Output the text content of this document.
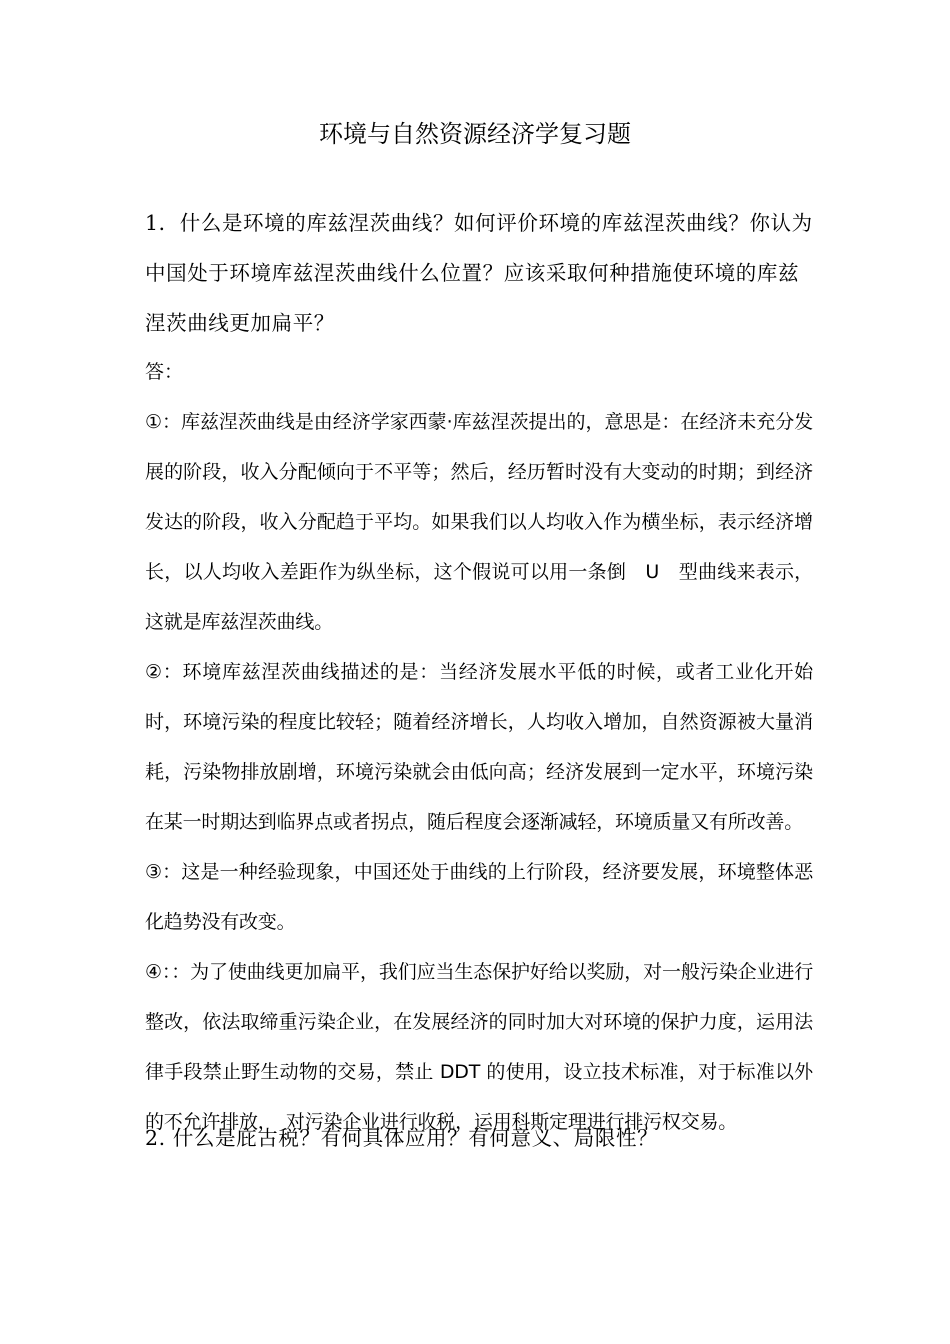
环境与自然资源经济学复习题

1．什么是环境的库兹涅茨曲线？如何评价环境的库兹涅茨曲线？你认为中国处于环境库兹涅茨曲线什么位置？应该采取何种措施使环境的库兹涅茨曲线更加扁平？

答：

①：库兹涅茨曲线是由经济学家西蒙·库兹涅茨提出的，意思是：在经济未充分发展的阶段，收入分配倾向于不平等；然后，经历暂时没有大变动的时期；到经济发达的阶段，收入分配趋于平均。如果我们以人均收入作为横坐标，表示经济增长，以人均收入差距作为纵坐标，这个假说可以用一条倒　U　型曲线来表示，这就是库兹涅茨曲线。

②：环境库兹涅茨曲线描述的是：当经济发展水平低的时候，或者工业化开始时，环境污染的程度比较轻；随着经济增长，人均收入增加，自然资源被大量消耗，污染物排放剧增，环境污染就会由低向高；经济发展到一定水平，环境污染在某一时期达到临界点或者拐点，随后程度会逐渐减轻，环境质量又有所改善。

③：这是一种经验现象，中国还处于曲线的上行阶段，经济要发展，环境整体恶化趋势没有改变。

④：：为了使曲线更加扁平，我们应当生态保护好给以奖励，对一般污染企业进行整改，依法取缔重污染企业，在发展经济的同时加大对环境的保护力度，运用法律手段禁止野生动物的交易，禁止 DDT 的使用，设立技术标准，对于标准以外的不允许排放，　对污染企业进行收税，运用科斯定理进行排污权交易。

2. 什么是庇古税？有何具体应用？有何意义、局限性？
